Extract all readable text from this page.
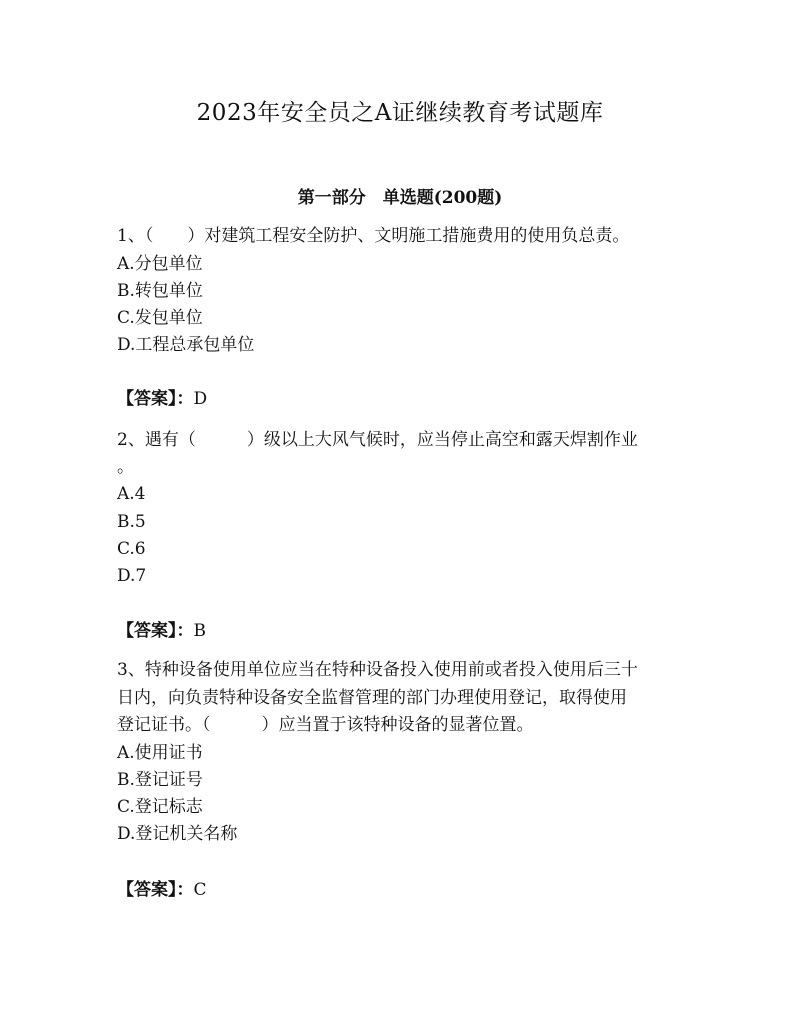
2023年安全员之A证继续教育考试题库
第一部分　单选题(200题)
1、（　　）对建筑工程安全防护、文明施工措施费用的使用负总责。
A.分包单位
B.转包单位
C.发包单位
D.工程总承包单位
【答案】：D
2、遇有（　　　）级以上大风气候时，应当停止高空和露天焊割作业
。
A.4
B.5
C.6
D.7
【答案】：B
3、特种设备使用单位应当在特种设备投入使用前或者投入使用后三十
日内，向负责特种设备安全监督管理的部门办理使用登记，取得使用
登记证书。（　　　）应当置于该特种设备的显著位置。
A.使用证书
B.登记证号
C.登记标志
D.登记机关名称
【答案】：C
